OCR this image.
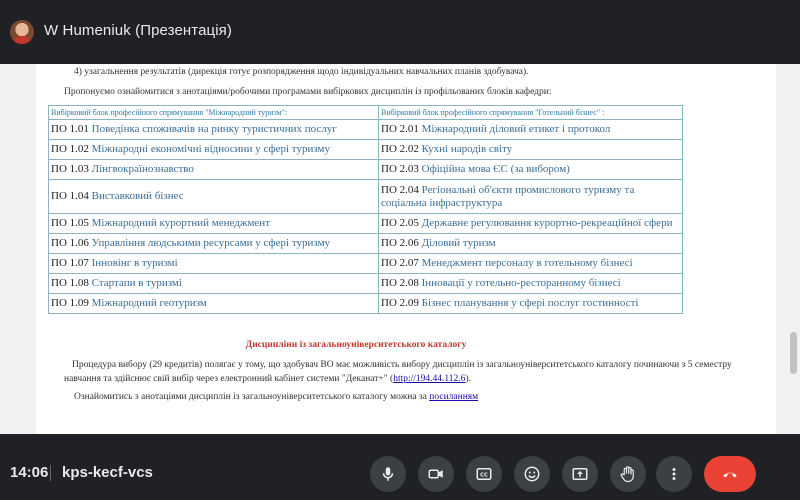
W Humeniuk (Презентація)
4) узагальнення результатів (дирекція готує розпорядження щодо індивідуальних навчальних планів здобувача).
Пропонуємо ознайомитися з анотаціями/робочими програмами вибіркових дисциплін із профільованих блоків кафедри:
Вибірковий блок професійного спрямування "Міжнародний туризм":	Вибірковий блок професійного спрямування "Готельний бізнес" :
ПО 1.01 Поведінка споживачів на ринку туристичних послуг	ПО 2.01 Міжнародний діловий етикет і протокол
ПО 1.02 Міжнародні економічні відносини у сфері туризму	ПО 2.02 Кухні народів світу
ПО 1.03 Лінгвокраїнознавство	ПО 2.03 Офіційна мова ЄС (за вибором)
ПО 1.04 Виставковий бізнес	ПО 2.04 Регіональні об'єкти промислового туризму та соціальна інфраструктура
ПО 1.05 Міжнародний курортний менеджмент	ПО 2.05 Державне регулювання курортно-рекреаційної сфери
ПО 1.06 Управління людськими ресурсами у сфері туризму	ПО 2.06 Діловий туризм
ПО 1.07 Інновінг в туризмі	ПО 2.07 Менеджмент персоналу в готельному бізнесі
ПО 1.08 Стартапи в туризмі	ПО 2.08 Інновації у готельно-ресторанному бізнесі
ПО 1.09 Міжнародний геотуризм	ПО 2.09 Бізнес планування у сфері послуг гостинності
Дисципліни із загальноуніверситетського каталогу
Процедура вибору (29 кредитів) полягає у тому, що здобувач ВО має можливість вибору дисциплін із загальноуніверситетського каталогу починаючи з 5 семестру навчання та здійснює свій вибір через електронний кабінет системи "Деканат+" (http://194.44.112.6).
Ознайомитись з анотаціями дисциплін із загальноуніверситетського каталогу можна за посиланням
14:06 kps-kecf-vcs	CC
